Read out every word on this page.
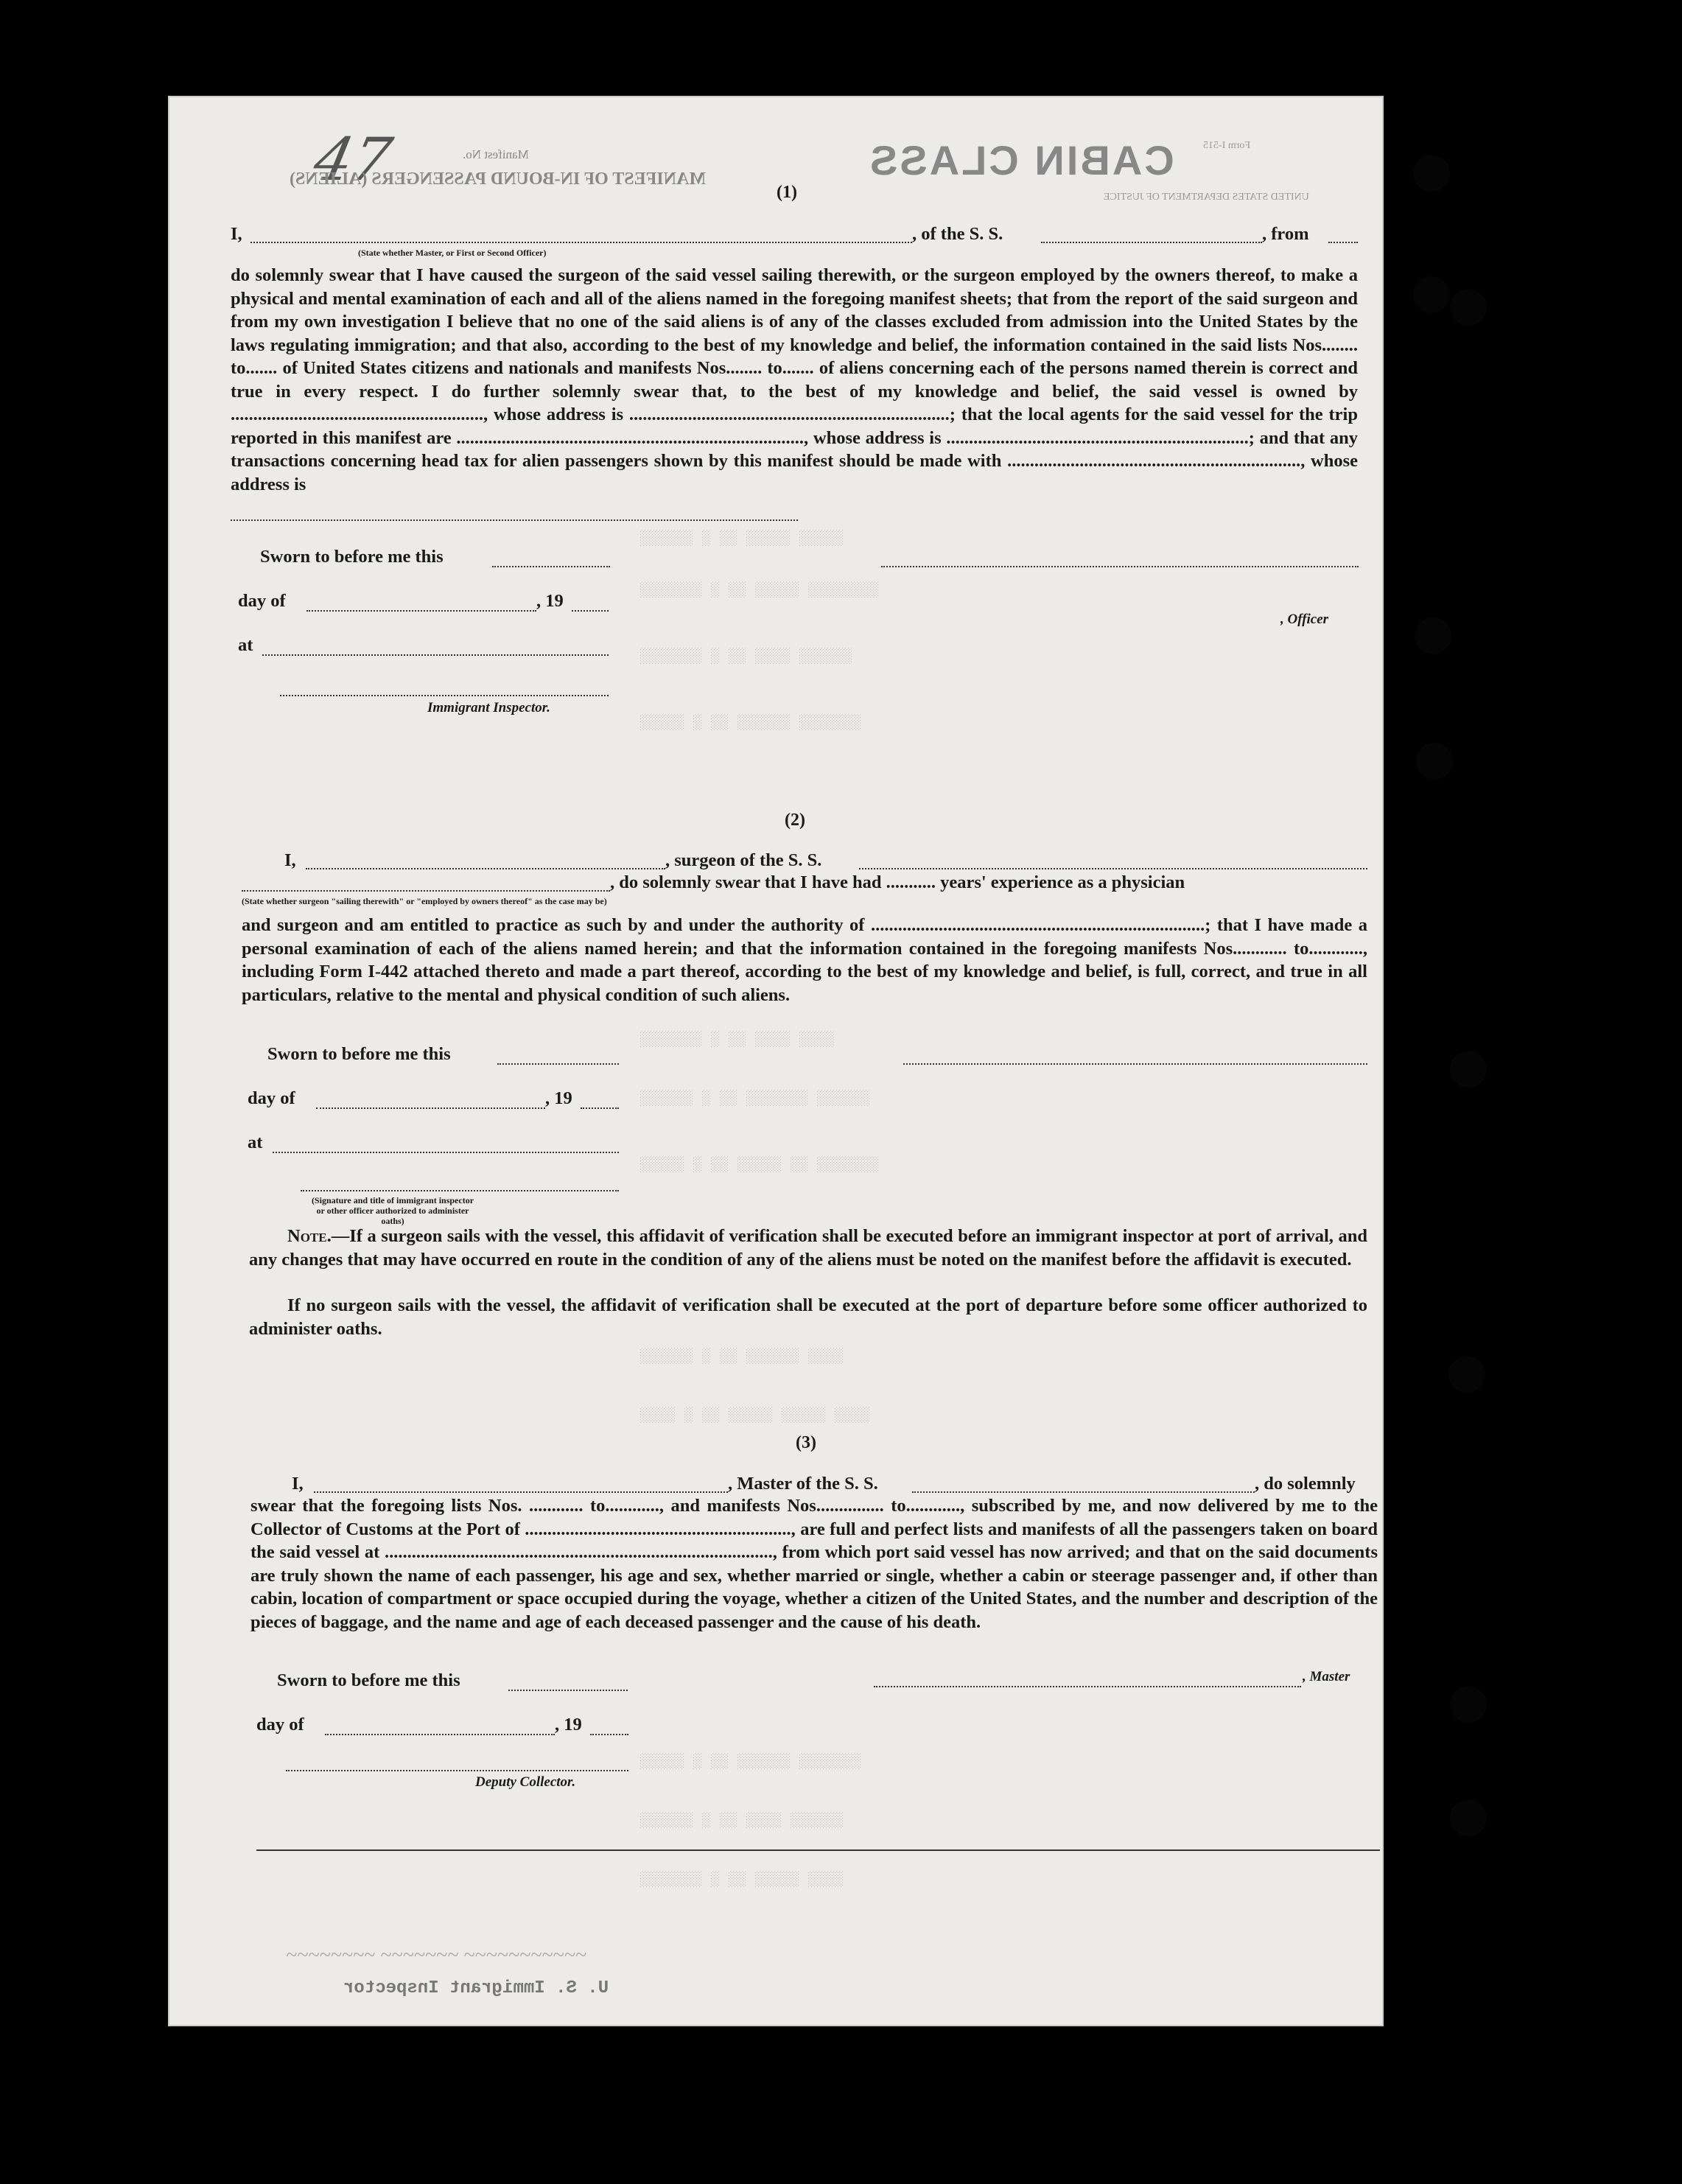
47	Manifest No.
MANIFEST OF IN-BOUND PASSENGERS (ALIENS)	CABIN CLASS	Form I-515
UNITED STATES DEPARTMENT OF JUSTICE
░░░░░ ░░░░░ ░░ ░ ░░░░░░
░░░░░░░░ ░░░░░ ░░ ░ ░░░░░░░
░░░░░░ ░░░░ ░░ ░ ░░░░░░░
░░░░░░░ ░░░░░░ ░░ ░ ░░░░░
░░░░ ░░░░ ░░ ░ ░░░░░░░
░░░░░░ ░░░░░░░ ░░ ░ ░░░░░░
░░░░░░░ ░░ ░░░░░ ░░ ░ ░░░░░
░░░░ ░░░░░░ ░░ ░ ░░░░░░
░░░░ ░░░░░ ░░░░░ ░░ ░ ░░░░
░░░░░░░ ░░░░░░ ░░ ░ ░░░░░
░░░░░░ ░░░░ ░░ ░ ░░░░░░
░░░░ ░░░░░ ░░ ░ ░░░░░░░
(1)
I,	, of the S. S.	, from
(State whether Master, or First or Second Officer)
do solemnly swear that I have caused the surgeon of the said vessel sailing therewith, or the surgeon employed by the owners thereof, to make a physical and mental examination of each and all of the aliens named in the foregoing manifest sheets; that from the report of the said surgeon and from my own investigation I believe that no one of the said aliens is of any of the classes excluded from admission into the United States by the laws regulating immigration; and that also, according to the best of my knowledge and belief, the information contained in the said lists Nos........ to....... of United States citizens and nationals and manifests Nos........ to....... of aliens concerning each of the persons named therein is correct and true in every respect. I do further solemnly swear that, to the best of my knowledge and belief, the said vessel is owned by ........................................................, whose address is .......................................................................; that the local agents for the said vessel for the trip reported in this manifest are ............................................................................., whose address is ...................................................................; and that any transactions concerning head tax for alien passengers shown by this manifest should be made with ................................................................., whose address is
Sworn to before me this
day of	, 19
, Officer
at
Immigrant Inspector.
(2)
I,	, surgeon of the S. S.
, do solemnly swear that I have had ........... years' experience as a physician
(State whether surgeon "sailing therewith" or "employed by owners thereof" as the case may be)
and surgeon and am entitled to practice as such by and under the authority of ..........................................................................; that I have made a personal examination of each of the aliens named herein; and that the information contained in the foregoing manifests Nos............ to............, including Form I-442 attached thereto and made a part thereof, according to the best of my knowledge and belief, is full, correct, and true in all particulars, relative to the mental and physical condition of such aliens.
Sworn to before me this
day of	, 19
at
(Signature and title of immigrant inspector or other officer authorized to administer oaths)
Note.—If a surgeon sails with the vessel, this affidavit of verification shall be executed before an immigrant inspector at port of arrival, and any changes that may have occurred en route in the condition of any of the aliens must be noted on the manifest before the affidavit is executed.
If no surgeon sails with the vessel, the affidavit of verification shall be executed at the port of departure before some officer authorized to administer oaths.
(3)
I,	, Master of the S. S.	, do solemnly
swear that the foregoing lists Nos. ............ to............, and manifests Nos............... to............, subscribed by me, and now delivered by me to the Collector of Customs at the Port of ..........................................................., are full and perfect lists and manifests of all the passengers taken on board the said vessel at ......................................................................................, from which port said vessel has now arrived; and that on the said documents are truly shown the name of each passenger, his age and sex, whether married or single, whether a cabin or steerage passenger and, if other than cabin, location of compartment or space occupied during the voyage, whether a citizen of the United States, and the number and description of the pieces of baggage, and the name and age of each deceased passenger and the cause of his death.
, Master
Sworn to before me this
day of	, 19
Deputy Collector.
U. S. Immigrant Inspector
~~~~~~~~ ~~~~~~~ ~~~~~~~~~~~
